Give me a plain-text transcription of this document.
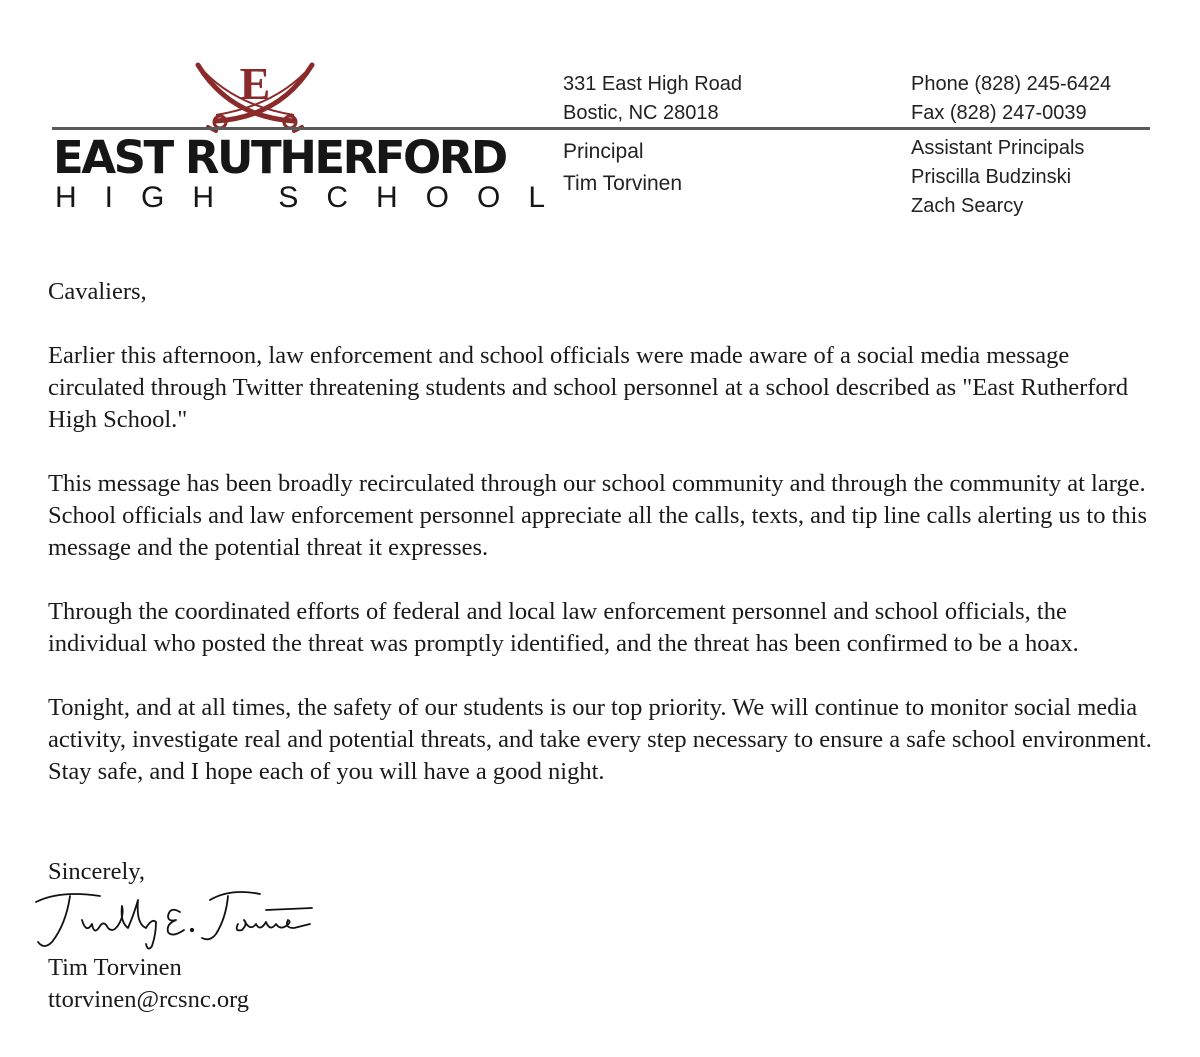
E
EAST RUTHERFORD
HIGH SCHOOL
331 East High Road
Bostic, NC 28018
Phone (828) 245-6424
Fax (828) 247-0039
Principal
Tim Torvinen
Assistant Principals
Priscilla Budzinski
Zach Searcy

Cavaliers,

Earlier this afternoon, law enforcement and school officials were made aware of a social media message circulated through Twitter threatening students and school personnel at a school described as "East Rutherford High School."

This message has been broadly recirculated through our school community and through the community at large. School officials and law enforcement personnel appreciate all the calls, texts, and tip line calls alerting us to this message and the potential threat it expresses.

Through the coordinated efforts of federal and local law enforcement personnel and school officials, the individual who posted the threat was promptly identified, and the threat has been confirmed to be a hoax.

Tonight, and at all times, the safety of our students is our top priority. We will continue to monitor social media activity, investigate real and potential threats, and take every step necessary to ensure a safe school environment. Stay safe, and I hope each of you will have a good night.

Sincerely,
Tim Torvinen
ttorvinen@rcsnc.org
